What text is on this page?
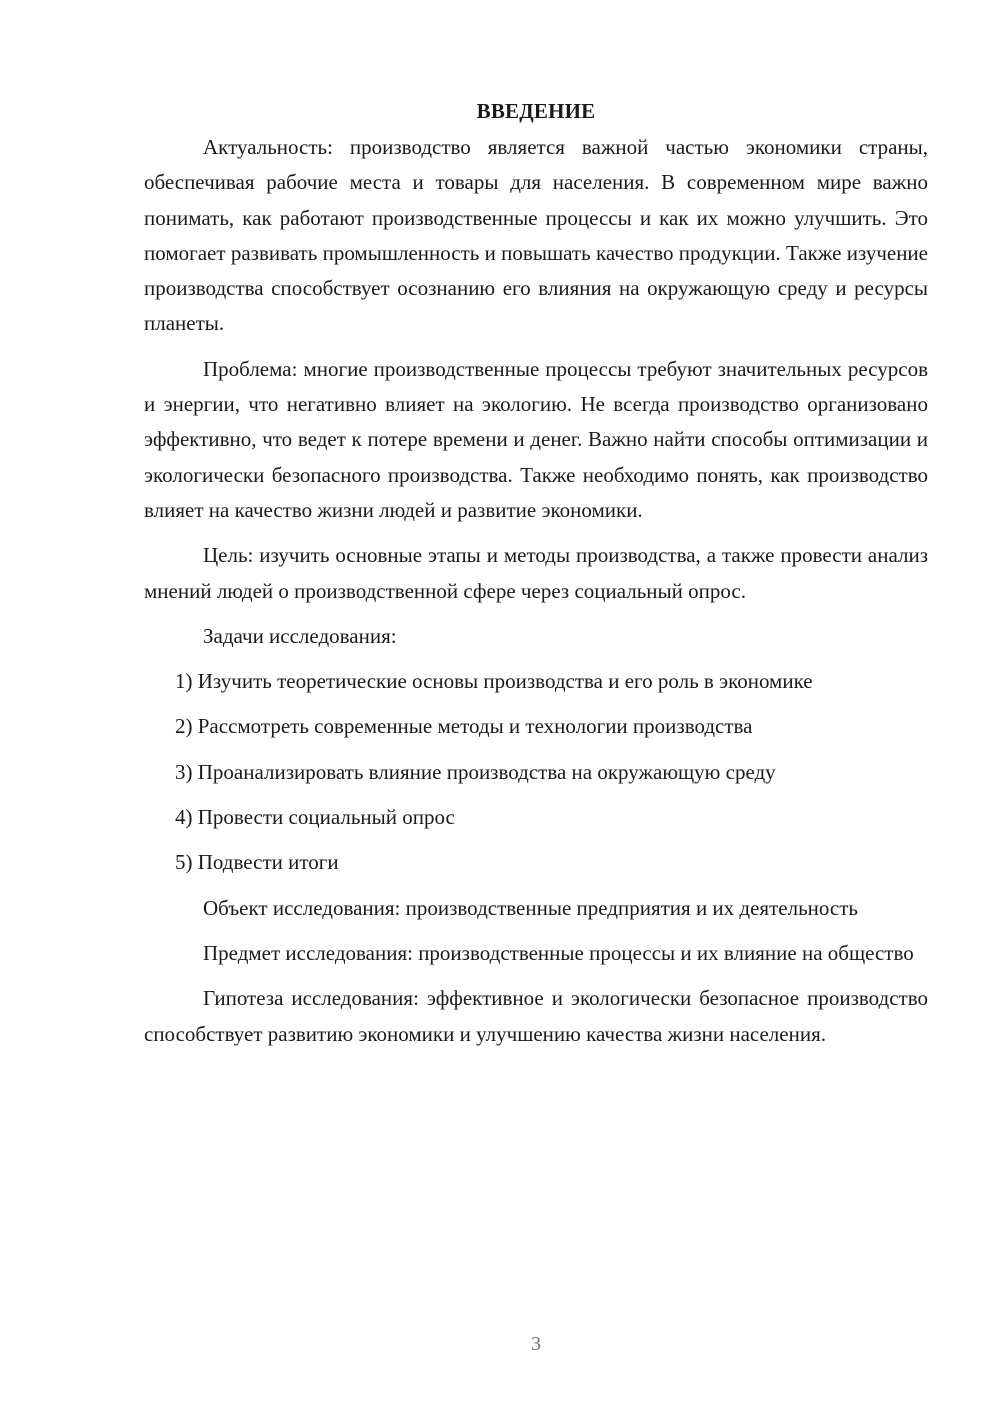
ВВЕДЕНИЕ

Актуальность: производство является важной частью экономики страны, обеспечивая рабочие места и товары для населения. В современном мире важно понимать, как работают производственные процессы и как их можно улучшить. Это помогает развивать промышленность и повышать качество продукции. Также изучение производства способствует осознанию его влияния на окружающую среду и ресурсы планеты.

Проблема: многие производственные процессы требуют значительных ресурсов и энергии, что негативно влияет на экологию. Не всегда производство организовано эффективно, что ведет к потере времени и денег. Важно найти способы оптимизации и экологически безопасного производства. Также необходимо понять, как производство влияет на качество жизни людей и развитие экономики.

Цель: изучить основные этапы и методы производства, а также провести анализ мнений людей о производственной сфере через социальный опрос.

Задачи исследования:

1) Изучить теоретические основы производства и его роль в экономике

2) Рассмотреть современные методы и технологии производства

3) Проанализировать влияние производства на окружающую среду

4) Провести социальный опрос

5) Подвести итоги

Объект исследования: производственные предприятия и их деятельность

Предмет исследования: производственные процессы и их влияние на общество

Гипотеза исследования: эффективное и экологически безопасное производство способствует развитию экономики и улучшению качества жизни населения.

3
